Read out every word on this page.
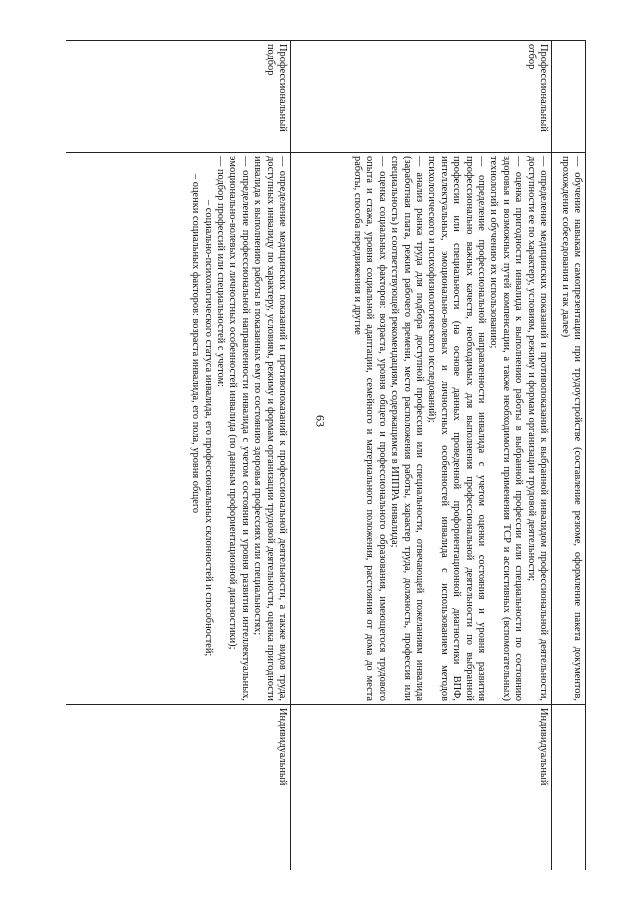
63

	— обучение навыкам самопрезентации при трудоустройстве (составление резюме, оформление пакета документов, прохождение собеседования и так далее)	

Профессиональный отбор	— определение медицинских показаний и противопоказаний к выбранной инвалидом профессиональной деятельности, доступности ее по характеру, условиям, режиму и формам организации трудовой деятельности;

— оценка пригодности инвалида к выполнению работы в выбранной профессии или специальности по состоянию здоровья и возможных путей компенсации, а также необходимости применения ТСР и ассистивных (вспомогательных) технологий и обучению их использованию;

— определение профессиональной направленности инвалида с учетом оценки состояния и уровня развития профессионально важных качеств, необходимых для выполнения профессиональной деятельности по выбранной профессии или специальности (на основе данных проведенной профориентационной диагностики ВПФ, интеллектуальных, эмоционально-волевых и личностных особенностей инвалида с использованием методов психологического и психофизиологического исследований);

— анализ рынка труда для подбора доступной профессии или специальности, отвечающей пожеланиям инвалида (заработная плата, режим рабочего времени, место расположения работы, характер труда, должность, профессия или специальность) и соответствующей рекомендациям, содержащимся в ИППРА инвалида;

— оценка социальных факторов: возраста, уровня общего и профессионального образования, имеющегося трудового опыта и стажа, уровня социальной адаптации, семейного и материального положения, расстояния от дома до места работы, способа передвижения и другие	Индивидуальный
Профессиональный подбор	— определение медицинских показаний и противопоказаний к профессиональной деятельности, а также видов труда, доступных инвалиду по характеру, условиям, режиму и формам организации трудовой деятельности, оценка пригодности инвалида к выполнению работы в показанных ему по состоянию здоровья профессиях или специальностях;

— определение профессиональной направленности инвалида с учетом состояния и уровня развития интеллектуальных, эмоционально-волевых и личностных особенностей инвалида (по данным профориентационной диагностики);

— подбор профессий или специальностей с учетом:

– социально-психологического статуса инвалида, его профессиональных склонностей и способностей;

– оценки социальных факторов: возраста инвалида, его пола, уровня общего	Индивидуальный
